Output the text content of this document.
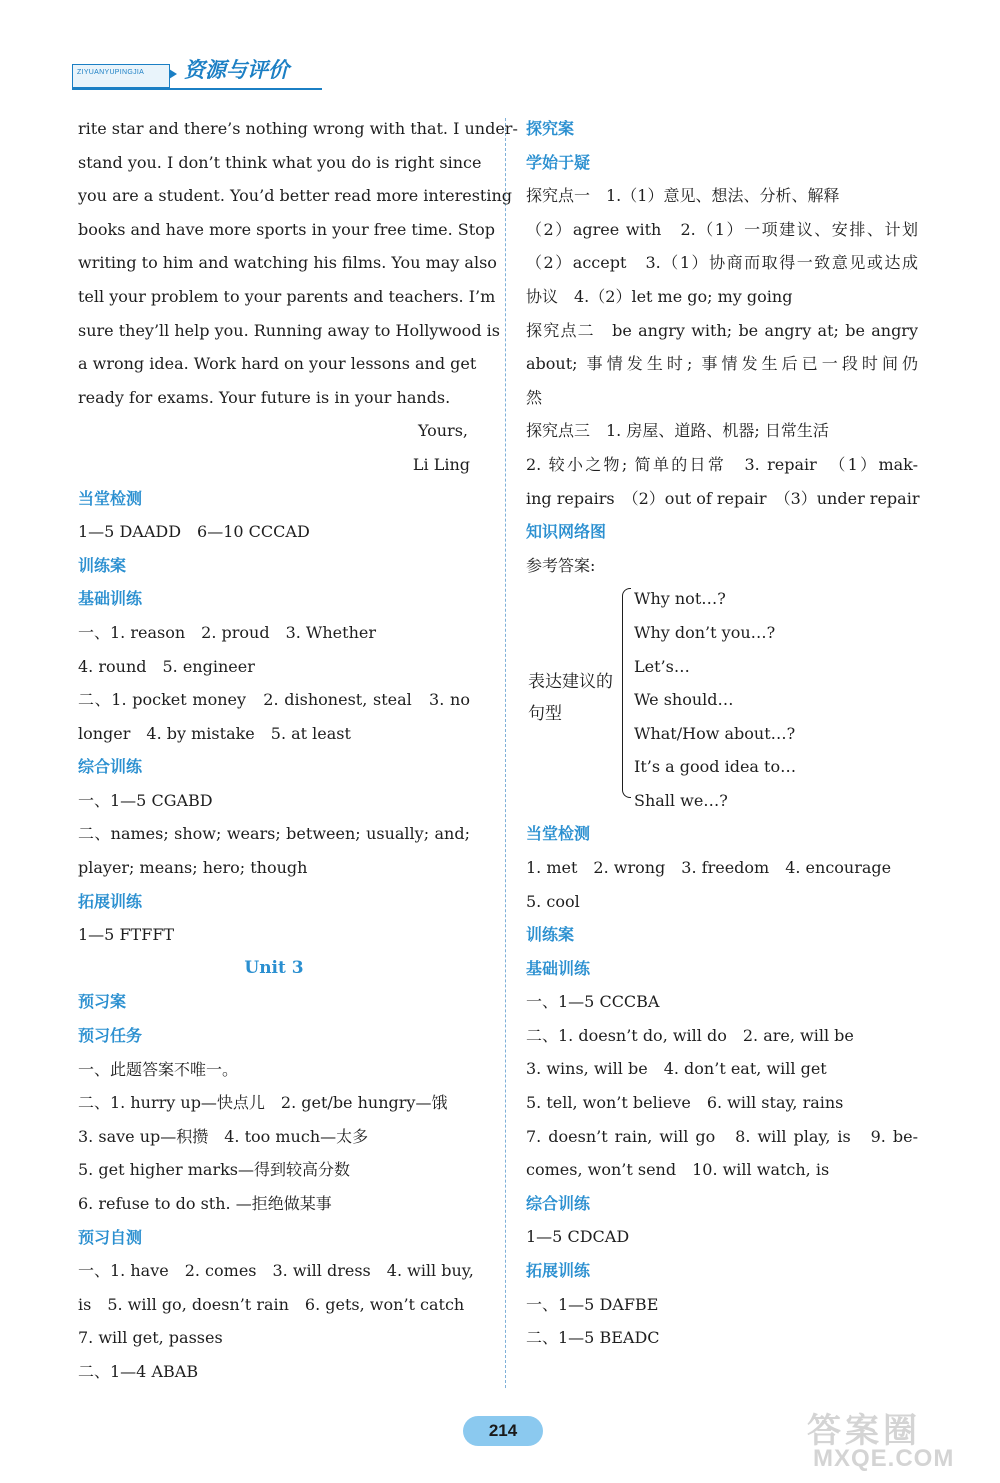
ZIYUANYUPINGJIA 资源与评价
rite star and there’s nothing wrong with that. I under-
stand you. I don’t think what you do is right since
you are a student. You’d better read more interesting
books and have more sports in your free time. Stop
writing to him and watching his films. You may also
tell your problem to your parents and teachers. I’m
sure they’ll help you. Running away to Hollywood is
a wrong idea. Work hard on your lessons and get
ready for exams. Your future is in your hands.
Yours,
Li Ling
当堂检测
1—5 DAADD　6—10 CCCAD
训练案
基础训练
一、1. reason　2. proud　3. Whether
4. round　5. engineer
二、1. pocket money　2. dishonest, steal　3. no
longer　4. by mistake　5. at least
综合训练
一、1—5 CGABD
二、names; show; wears; between; usually; and;
player; means; hero; though
拓展训练
1—5 FTFFT
Unit 3
预习案
预习任务
一、此题答案不唯一。
二、1. hurry up—快点儿　2. get/be hungry—饿
3. save up—积攒　4. too much—太多
5. get higher marks—得到较高分数
6. refuse to do sth. —拒绝做某事
预习自测
一、1. have　2. comes　3. will dress　4. will buy,
is　5. will go, doesn’t rain　6. gets, won’t catch
7. will get, passes
二、1—4 ABAB
探究案
学始于疑
探究点一　1.（1）意见、想法、分析、解释
（2）agree with　2.（1）一项建议、安排、计划
（2）accept　3.（1）协商而取得一致意见或达成
协议　4.（2）let me go; my going
探究点二　be angry with; be angry at; be angry
about; 事情发生时; 事情发生后已一段时间仍
然
探究点三　1. 房屋、道路、机器; 日常生活
2. 较小之物; 简单的日常　3. repair　（1）mak-
ing repairs　（2）out of repair　（3）under repair
知识网络图
参考答案:
表达建议的句型
Why not…?
Why don’t you…?
Let’s…
We should…
What/How about…?
It’s a good idea to…
Shall we…?
当堂检测
1. met　2. wrong　3. freedom　4. encourage
5. cool
训练案
基础训练
一、1—5 CCCBA
二、1. doesn’t do, will do　2. are, will be
3. wins, will be　4. don’t eat, will get
5. tell, won’t believe　6. will stay, rains
7. doesn’t rain, will go　8. will play, is　9. be-
comes, won’t send　10. will watch, is
综合训练
1—5 CDCAD
拓展训练
一、1—5 DAFBE
二、1—5 BEADC
214	答案圈
MXQE.COM
